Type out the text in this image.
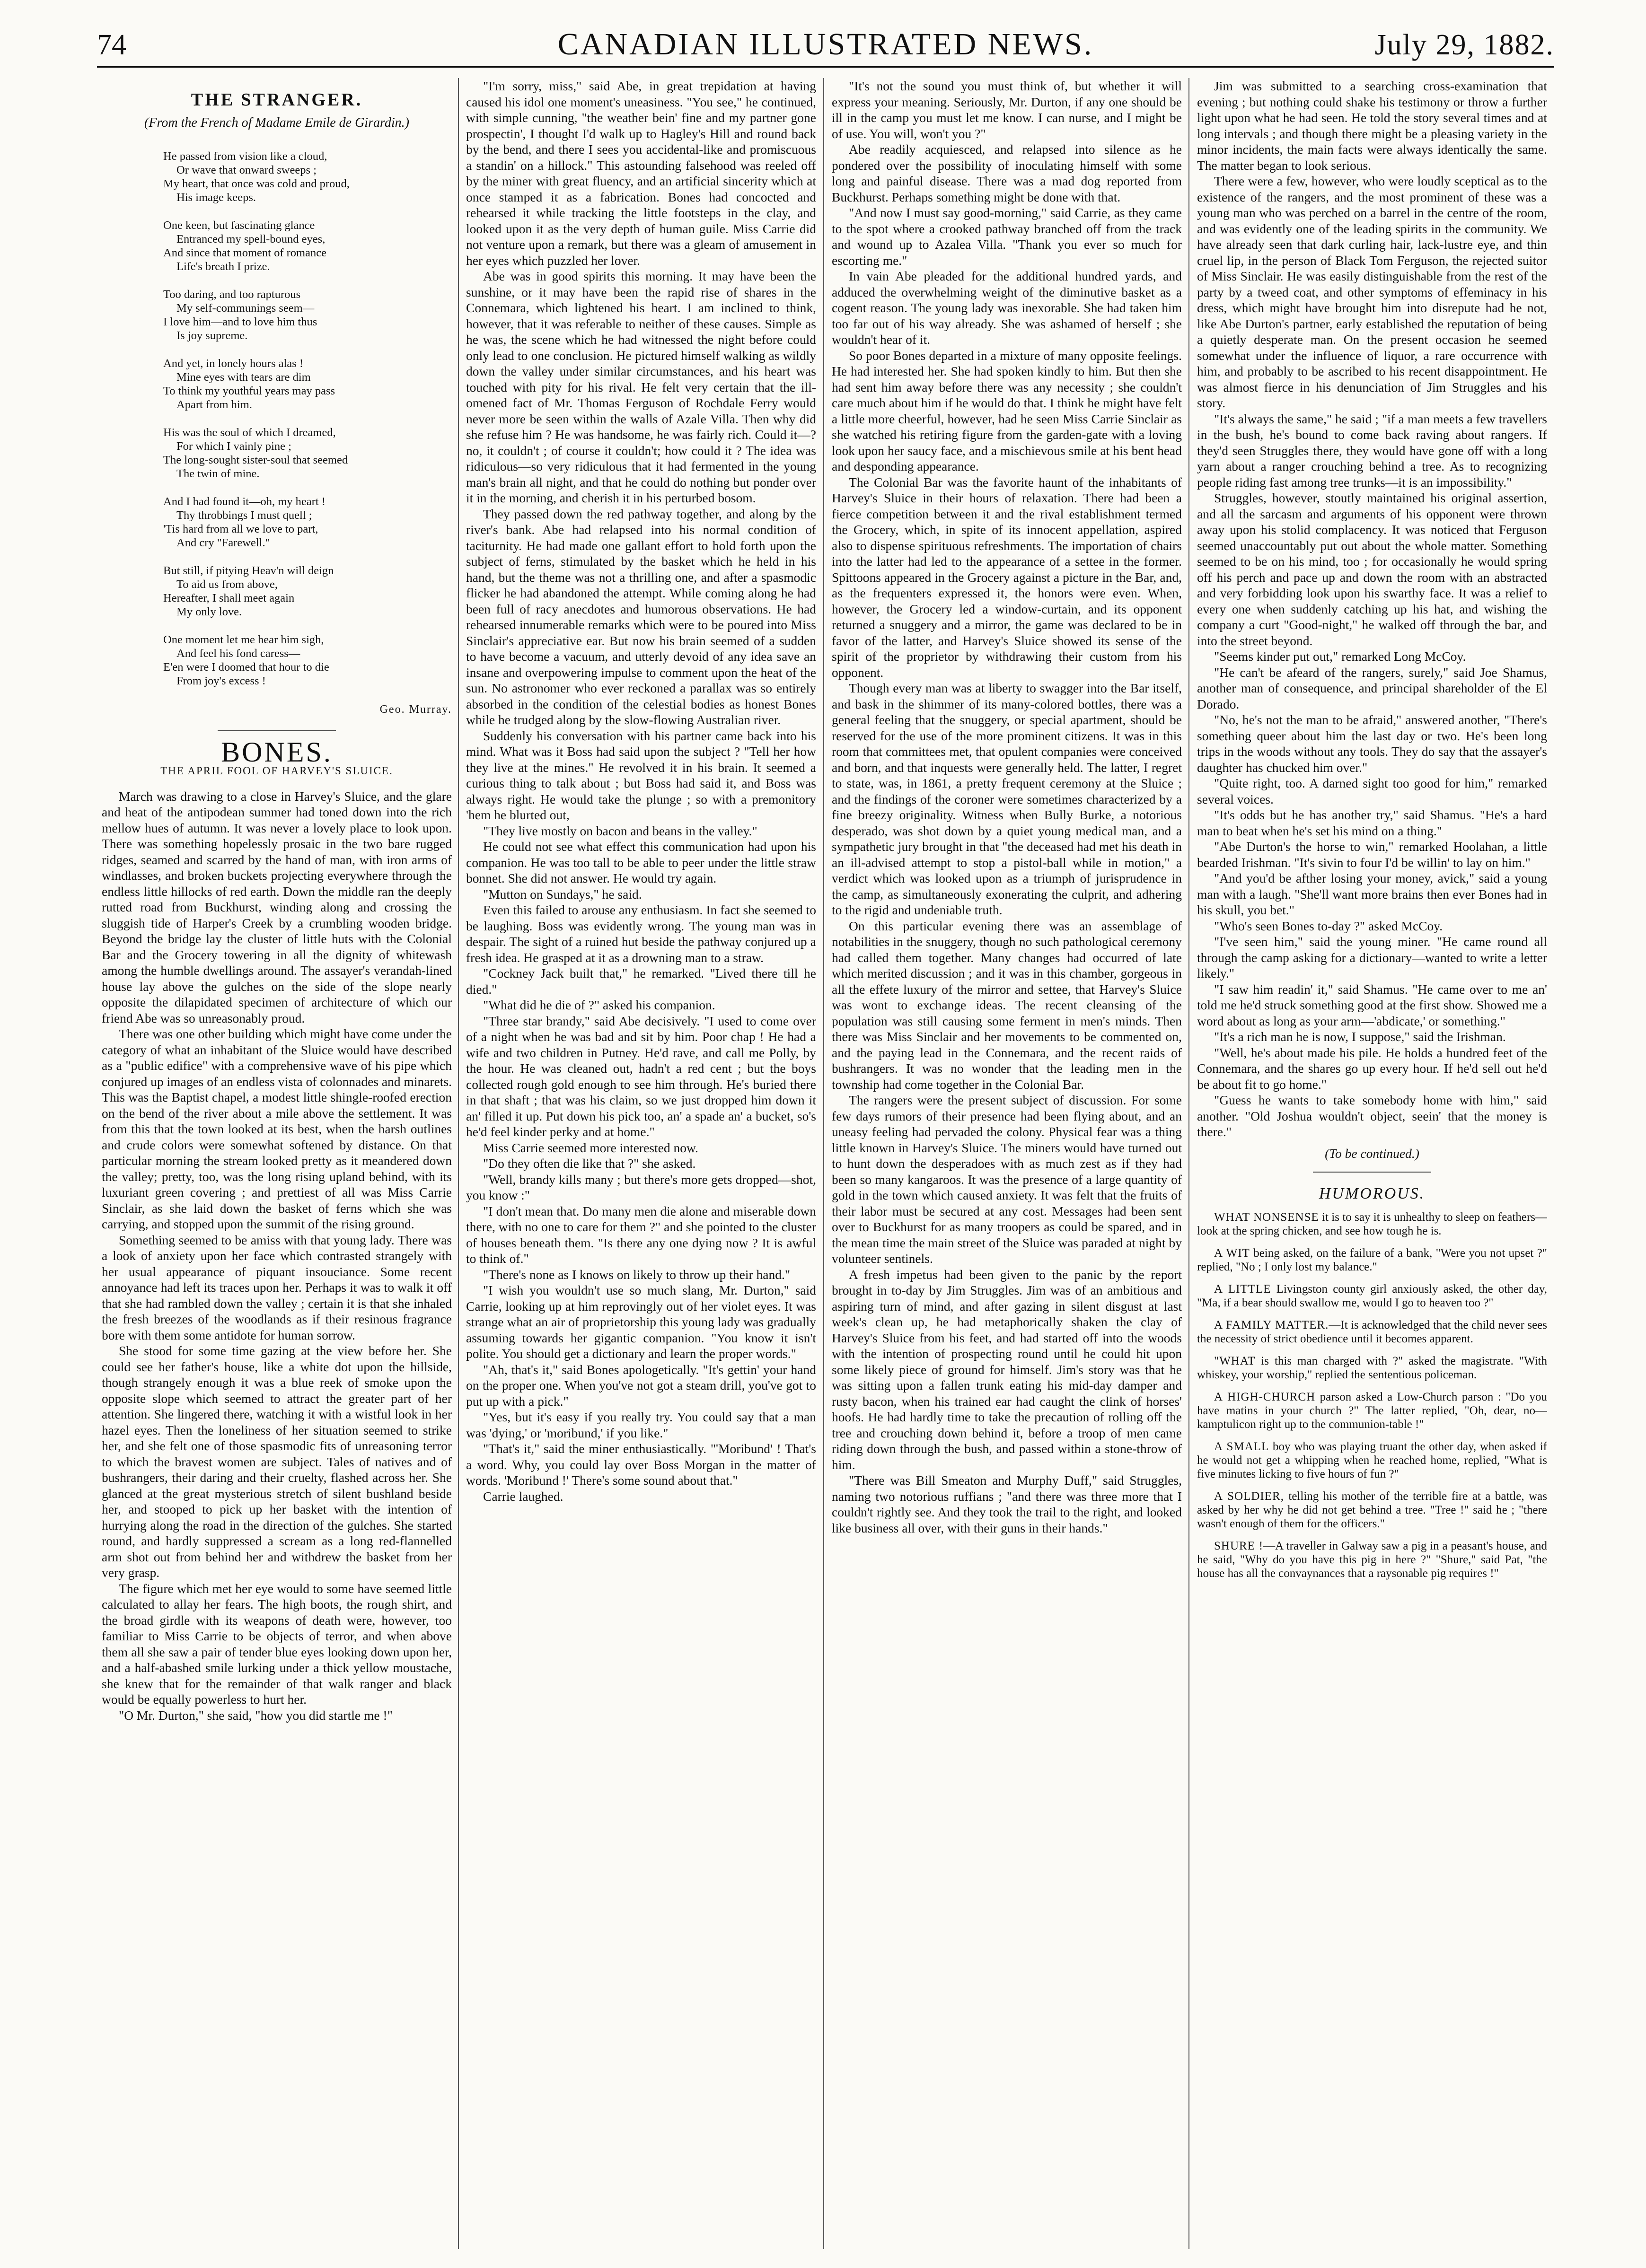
74	CANADIAN ILLUSTRATED NEWS.	July 29, 1882.
THE STRANGER.
(From the French of Madame Emile de Girardin.)
He passed from vision like a cloud,
Or wave that onward sweeps ;
My heart, that once was cold and proud,
His image keeps.
One keen, but fascinating glance
Entranced my spell-bound eyes,
And since that moment of romance
Life's breath I prize.
Too daring, and too rapturous
My self-communings seem—
I love him—and to love him thus
Is joy supreme.
And yet, in lonely hours alas !
Mine eyes with tears are dim
To think my youthful years may pass
Apart from him.
His was the soul of which I dreamed,
For which I vainly pine ;
The long-sought sister-soul that seemed
The twin of mine.
And I had found it—oh, my heart !
Thy throbbings I must quell ;
'Tis hard from all we love to part,
And cry "Farewell."
But still, if pitying Heav'n will deign
To aid us from above,
Hereafter, I shall meet again
My only love.
One moment let me hear him sigh,
And feel his fond caress—
E'en were I doomed that hour to die
From joy's excess !
Geo. Murray.
BONES.
THE APRIL FOOL OF HARVEY'S SLUICE.

March was drawing to a close in Harvey's Sluice, and the glare and heat of the antipodean summer had toned down into the rich mellow hues of autumn. It was never a lovely place to look upon. There was something hopelessly prosaic in the two bare rugged ridges, seamed and scarred by the hand of man, with iron arms of windlasses, and broken buckets projecting everywhere through the endless little hillocks of red earth. Down the middle ran the deeply rutted road from Buckhurst, winding along and crossing the sluggish tide of Harper's Creek by a crumbling wooden bridge. Beyond the bridge lay the cluster of little huts with the Colonial Bar and the Grocery towering in all the dignity of whitewash among the humble dwellings around. The assayer's verandah-lined house lay above the gulches on the side of the slope nearly opposite the dilapidated specimen of architecture of which our friend Abe was so unreasonably proud.

There was one other building which might have come under the category of what an inhabitant of the Sluice would have described as a "public edifice" with a comprehensive wave of his pipe which conjured up images of an endless vista of colonnades and minarets. This was the Baptist chapel, a modest little shingle-roofed erection on the bend of the river about a mile above the settlement. It was from this that the town looked at its best, when the harsh outlines and crude colors were somewhat softened by distance. On that particular morning the stream looked pretty as it meandered down the valley; pretty, too, was the long rising upland behind, with its luxuriant green covering ; and prettiest of all was Miss Carrie Sinclair, as she laid down the basket of ferns which she was carrying, and stopped upon the summit of the rising ground.

Something seemed to be amiss with that young lady. There was a look of anxiety upon her face which contrasted strangely with her usual appearance of piquant insouciance. Some recent annoyance had left its traces upon her. Perhaps it was to walk it off that she had rambled down the valley ; certain it is that she inhaled the fresh breezes of the woodlands as if their resinous fragrance bore with them some antidote for human sorrow.

She stood for some time gazing at the view before her. She could see her father's house, like a white dot upon the hillside, though strangely enough it was a blue reek of smoke upon the opposite slope which seemed to attract the greater part of her attention. She lingered there, watching it with a wistful look in her hazel eyes. Then the loneliness of her situation seemed to strike her, and she felt one of those spasmodic fits of unreasoning terror to which the bravest women are subject. Tales of natives and of bushrangers, their daring and their cruelty, flashed across her. She glanced at the great mysterious stretch of silent bushland beside her, and stooped to pick up her basket with the intention of hurrying along the road in the direction of the gulches. She started round, and hardly suppressed a scream as a long red-flannelled arm shot out from behind her and withdrew the basket from her very grasp.

The figure which met her eye would to some have seemed little calculated to allay her fears. The high boots, the rough shirt, and the broad girdle with its weapons of death were, however, too familiar to Miss Carrie to be objects of terror, and when above them all she saw a pair of tender blue eyes looking down upon her, and a half-abashed smile lurking under a thick yellow moustache, she knew that for the remainder of that walk ranger and black would be equally powerless to hurt her.

"O Mr. Durton," she said, "how you did startle me !"

"I'm sorry, miss," said Abe, in great trepidation at having caused his idol one moment's uneasiness. "You see," he continued, with simple cunning, "the weather bein' fine and my partner gone prospectin', I thought I'd walk up to Hagley's Hill and round back by the bend, and there I sees you accidental-like and promiscuous a standin' on a hillock." This astounding falsehood was reeled off by the miner with great fluency, and an artificial sincerity which at once stamped it as a fabrication. Bones had concocted and rehearsed it while tracking the little footsteps in the clay, and looked upon it as the very depth of human guile. Miss Carrie did not venture upon a remark, but there was a gleam of amusement in her eyes which puzzled her lover.

Abe was in good spirits this morning. It may have been the sunshine, or it may have been the rapid rise of shares in the Connemara, which lightened his heart. I am inclined to think, however, that it was referable to neither of these causes. Simple as he was, the scene which he had witnessed the night before could only lead to one conclusion. He pictured himself walking as wildly down the valley under similar circumstances, and his heart was touched with pity for his rival. He felt very certain that the ill-omened fact of Mr. Thomas Ferguson of Rochdale Ferry would never more be seen within the walls of Azale Villa. Then why did she refuse him ? He was handsome, he was fairly rich. Could it—? no, it couldn't ; of course it couldn't; how could it ? The idea was ridiculous—so very ridiculous that it had fermented in the young man's brain all night, and that he could do nothing but ponder over it in the morning, and cherish it in his perturbed bosom.

They passed down the red pathway together, and along by the river's bank. Abe had relapsed into his normal condition of taciturnity. He had made one gallant effort to hold forth upon the subject of ferns, stimulated by the basket which he held in his hand, but the theme was not a thrilling one, and after a spasmodic flicker he had abandoned the attempt. While coming along he had been full of racy anecdotes and humorous observations. He had rehearsed innumerable remarks which were to be poured into Miss Sinclair's appreciative ear. But now his brain seemed of a sudden to have become a vacuum, and utterly devoid of any idea save an insane and overpowering impulse to comment upon the heat of the sun. No astronomer who ever reckoned a parallax was so entirely absorbed in the condition of the celestial bodies as honest Bones while he trudged along by the slow-flowing Australian river.

Suddenly his conversation with his partner came back into his mind. What was it Boss had said upon the subject ? "Tell her how they live at the mines." He revolved it in his brain. It seemed a curious thing to talk about ; but Boss had said it, and Boss was always right. He would take the plunge ; so with a premonitory 'hem he blurted out,

"They live mostly on bacon and beans in the valley."

He could not see what effect this communication had upon his companion. He was too tall to be able to peer under the little straw bonnet. She did not answer. He would try again.

"Mutton on Sundays," he said.

Even this failed to arouse any enthusiasm. In fact she seemed to be laughing. Boss was evidently wrong. The young man was in despair. The sight of a ruined hut beside the pathway conjured up a fresh idea. He grasped at it as a drowning man to a straw.

"Cockney Jack built that," he remarked. "Lived there till he died."

"What did he die of ?" asked his companion.

"Three star brandy," said Abe decisively. "I used to come over of a night when he was bad and sit by him. Poor chap ! He had a wife and two children in Putney. He'd rave, and call me Polly, by the hour. He was cleaned out, hadn't a red cent ; but the boys collected rough gold enough to see him through. He's buried there in that shaft ; that was his claim, so we just dropped him down it an' filled it up. Put down his pick too, an' a spade an' a bucket, so's he'd feel kinder perky and at home."

Miss Carrie seemed more interested now.

"Do they often die like that ?" she asked.

"Well, brandy kills many ; but there's more gets dropped—shot, you know :"

"I don't mean that. Do many men die alone and miserable down there, with no one to care for them ?" and she pointed to the cluster of houses beneath them. "Is there any one dying now ? It is awful to think of."

"There's none as I knows on likely to throw up their hand."

"I wish you wouldn't use so much slang, Mr. Durton," said Carrie, looking up at him reprovingly out of her violet eyes. It was strange what an air of proprietorship this young lady was gradually assuming towards her gigantic companion. "You know it isn't polite. You should get a dictionary and learn the proper words."

"Ah, that's it," said Bones apologetically. "It's gettin' your hand on the proper one. When you've not got a steam drill, you've got to put up with a pick."

"Yes, but it's easy if you really try. You could say that a man was 'dying,' or 'moribund,' if you like."

"That's it," said the miner enthusiastically. "'Moribund' ! That's a word. Why, you could lay over Boss Morgan in the matter of words. 'Moribund !' There's some sound about that."

Carrie laughed.

"It's not the sound you must think of, but whether it will express your meaning. Seriously, Mr. Durton, if any one should be ill in the camp you must let me know. I can nurse, and I might be of use. You will, won't you ?"

Abe readily acquiesced, and relapsed into silence as he pondered over the possibility of inoculating himself with some long and painful disease. There was a mad dog reported from Buckhurst. Perhaps something might be done with that.

"And now I must say good-morning," said Carrie, as they came to the spot where a crooked pathway branched off from the track and wound up to Azalea Villa. "Thank you ever so much for escorting me."

In vain Abe pleaded for the additional hundred yards, and adduced the overwhelming weight of the diminutive basket as a cogent reason. The young lady was inexorable. She had taken him too far out of his way already. She was ashamed of herself ; she wouldn't hear of it.

So poor Bones departed in a mixture of many opposite feelings. He had interested her. She had spoken kindly to him. But then she had sent him away before there was any necessity ; she couldn't care much about him if he would do that. I think he might have felt a little more cheerful, however, had he seen Miss Carrie Sinclair as she watched his retiring figure from the garden-gate with a loving look upon her saucy face, and a mischievous smile at his bent head and desponding appearance.

The Colonial Bar was the favorite haunt of the inhabitants of Harvey's Sluice in their hours of relaxation. There had been a fierce competition between it and the rival establishment termed the Grocery, which, in spite of its innocent appellation, aspired also to dispense spirituous refreshments. The importation of chairs into the latter had led to the appearance of a settee in the former. Spittoons appeared in the Grocery against a picture in the Bar, and, as the frequenters expressed it, the honors were even. When, however, the Grocery led a window-curtain, and its opponent returned a snuggery and a mirror, the game was declared to be in favor of the latter, and Harvey's Sluice showed its sense of the spirit of the proprietor by withdrawing their custom from his opponent.

Though every man was at liberty to swagger into the Bar itself, and bask in the shimmer of its many-colored bottles, there was a general feeling that the snuggery, or special apartment, should be reserved for the use of the more prominent citizens. It was in this room that committees met, that opulent companies were conceived and born, and that inquests were generally held. The latter, I regret to state, was, in 1861, a pretty frequent ceremony at the Sluice ; and the findings of the coroner were sometimes characterized by a fine breezy originality. Witness when Bully Burke, a notorious desperado, was shot down by a quiet young medical man, and a sympathetic jury brought in that "the deceased had met his death in an ill-advised attempt to stop a pistol-ball while in motion," a verdict which was looked upon as a triumph of jurisprudence in the camp, as simultaneously exonerating the culprit, and adhering to the rigid and undeniable truth.

On this particular evening there was an assemblage of notabilities in the snuggery, though no such pathological ceremony had called them together. Many changes had occurred of late which merited discussion ; and it was in this chamber, gorgeous in all the effete luxury of the mirror and settee, that Harvey's Sluice was wont to exchange ideas. The recent cleansing of the population was still causing some ferment in men's minds. Then there was Miss Sinclair and her movements to be commented on, and the paying lead in the Connemara, and the recent raids of bushrangers. It was no wonder that the leading men in the township had come together in the Colonial Bar.

The rangers were the present subject of discussion. For some few days rumors of their presence had been flying about, and an uneasy feeling had pervaded the colony. Physical fear was a thing little known in Harvey's Sluice. The miners would have turned out to hunt down the desperadoes with as much zest as if they had been so many kangaroos. It was the presence of a large quantity of gold in the town which caused anxiety. It was felt that the fruits of their labor must be secured at any cost. Messages had been sent over to Buckhurst for as many troopers as could be spared, and in the mean time the main street of the Sluice was paraded at night by volunteer sentinels.

A fresh impetus had been given to the panic by the report brought in to-day by Jim Struggles. Jim was of an ambitious and aspiring turn of mind, and after gazing in silent disgust at last week's clean up, he had metaphorically shaken the clay of Harvey's Sluice from his feet, and had started off into the woods with the intention of prospecting round until he could hit upon some likely piece of ground for himself. Jim's story was that he was sitting upon a fallen trunk eating his mid-day damper and rusty bacon, when his trained ear had caught the clink of horses' hoofs. He had hardly time to take the precaution of rolling off the tree and crouching down behind it, before a troop of men came riding down through the bush, and passed within a stone-throw of him.

"There was Bill Smeaton and Murphy Duff," said Struggles, naming two notorious ruffians ; "and there was three more that I couldn't rightly see. And they took the trail to the right, and looked like business all over, with their guns in their hands."

Jim was submitted to a searching cross-examination that evening ; but nothing could shake his testimony or throw a further light upon what he had seen. He told the story several times and at long intervals ; and though there might be a pleasing variety in the minor incidents, the main facts were always identically the same. The matter began to look serious.

There were a few, however, who were loudly sceptical as to the existence of the rangers, and the most prominent of these was a young man who was perched on a barrel in the centre of the room, and was evidently one of the leading spirits in the community. We have already seen that dark curling hair, lack-lustre eye, and thin cruel lip, in the person of Black Tom Ferguson, the rejected suitor of Miss Sinclair. He was easily distinguishable from the rest of the party by a tweed coat, and other symptoms of effeminacy in his dress, which might have brought him into disrepute had he not, like Abe Durton's partner, early established the reputation of being a quietly desperate man. On the present occasion he seemed somewhat under the influence of liquor, a rare occurrence with him, and probably to be ascribed to his recent disappointment. He was almost fierce in his denunciation of Jim Struggles and his story.

"It's always the same," he said ; "if a man meets a few travellers in the bush, he's bound to come back raving about rangers. If they'd seen Struggles there, they would have gone off with a long yarn about a ranger crouching behind a tree. As to recognizing people riding fast among tree trunks—it is an impossibility."

Struggles, however, stoutly maintained his original assertion, and all the sarcasm and arguments of his opponent were thrown away upon his stolid complacency. It was noticed that Ferguson seemed unaccountably put out about the whole matter. Something seemed to be on his mind, too ; for occasionally he would spring off his perch and pace up and down the room with an abstracted and very forbidding look upon his swarthy face. It was a relief to every one when suddenly catching up his hat, and wishing the company a curt "Good-night," he walked off through the bar, and into the street beyond.

"Seems kinder put out," remarked Long McCoy.

"He can't be afeard of the rangers, surely," said Joe Shamus, another man of consequence, and principal shareholder of the El Dorado.

"No, he's not the man to be afraid," answered another, "There's something queer about him the last day or two. He's been long trips in the woods without any tools. They do say that the assayer's daughter has chucked him over."

"Quite right, too. A darned sight too good for him," remarked several voices.

"It's odds but he has another try," said Shamus. "He's a hard man to beat when he's set his mind on a thing."

"Abe Durton's the horse to win," remarked Hoolahan, a little bearded Irishman. "It's sivin to four I'd be willin' to lay on him."

"And you'd be afther losing your money, avick," said a young man with a laugh. "She'll want more brains then ever Bones had in his skull, you bet."

"Who's seen Bones to-day ?" asked McCoy.

"I've seen him," said the young miner. "He came round all through the camp asking for a dictionary—wanted to write a letter likely."

"I saw him readin' it," said Shamus. "He came over to me an' told me he'd struck something good at the first show. Showed me a word about as long as your arm—'abdicate,' or something."

"It's a rich man he is now, I suppose," said the Irishman.

"Well, he's about made his pile. He holds a hundred feet of the Connemara, and the shares go up every hour. If he'd sell out he'd be about fit to go home."

"Guess he wants to take somebody home with him," said another. "Old Joshua wouldn't object, seein' that the money is there."

(To be continued.)
HUMOROUS.

WHAT NONSENSE it is to say it is unhealthy to sleep on feathers—look at the spring chicken, and see how tough he is.

A WIT being asked, on the failure of a bank, "Were you not upset ?" replied, "No ; I only lost my balance."

A LITTLE Livingston county girl anxiously asked, the other day, "Ma, if a bear should swallow me, would I go to heaven too ?"

A FAMILY MATTER.—It is acknowledged that the child never sees the necessity of strict obedience until it becomes apparent.

"WHAT is this man charged with ?" asked the magistrate. "With whiskey, your worship," replied the sententious policeman.

A HIGH-CHURCH parson asked a Low-Church parson : "Do you have matins in your church ?" The latter replied, "Oh, dear, no—kamptulicon right up to the communion-table !"

A SMALL boy who was playing truant the other day, when asked if he would not get a whipping when he reached home, replied, "What is five minutes licking to five hours of fun ?"

A SOLDIER, telling his mother of the terrible fire at a battle, was asked by her why he did not get behind a tree. "Tree !" said he ; "there wasn't enough of them for the officers."

SHURE !—A traveller in Galway saw a pig in a peasant's house, and he said, "Why do you have this pig in here ?" "Shure," said Pat, "the house has all the convaynances that a raysonable pig requires !"
